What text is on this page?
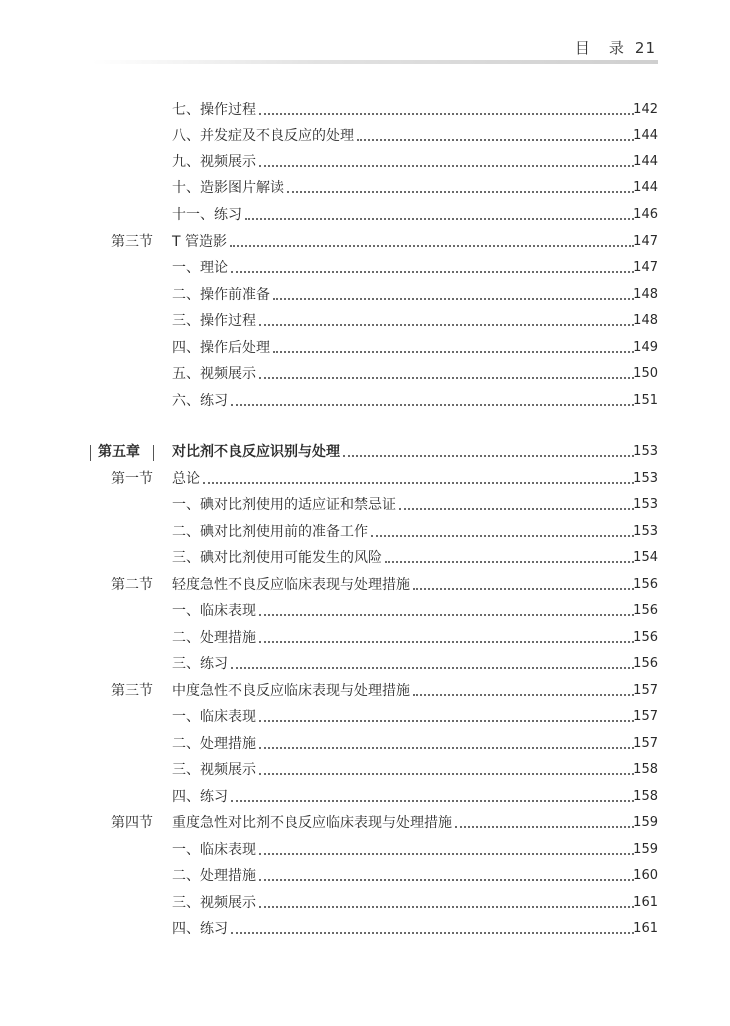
目 录 21
七、操作过程	142
八、并发症及不良反应的处理	144
九、视频展示	144
十、造影图片解读	144
十一、练习	146
第三节 T 管造影	147
一、理论	147
二、操作前准备	148
三、操作过程	148
四、操作后处理	149
五、视频展示	150
六、练习	151
第五章 对比剂不良反应识别与处理	153
第一节 总论	153
一、碘对比剂使用的适应证和禁忌证	153
二、碘对比剂使用前的准备工作	153
三、碘对比剂使用可能发生的风险	154
第二节 轻度急性不良反应临床表现与处理措施	156
一、临床表现	156
二、处理措施	156
三、练习	156
第三节 中度急性不良反应临床表现与处理措施	157
一、临床表现	157
二、处理措施	157
三、视频展示	158
四、练习	158
第四节 重度急性对比剂不良反应临床表现与处理措施	159
一、临床表现	159
二、处理措施	160
三、视频展示	161
四、练习	161
